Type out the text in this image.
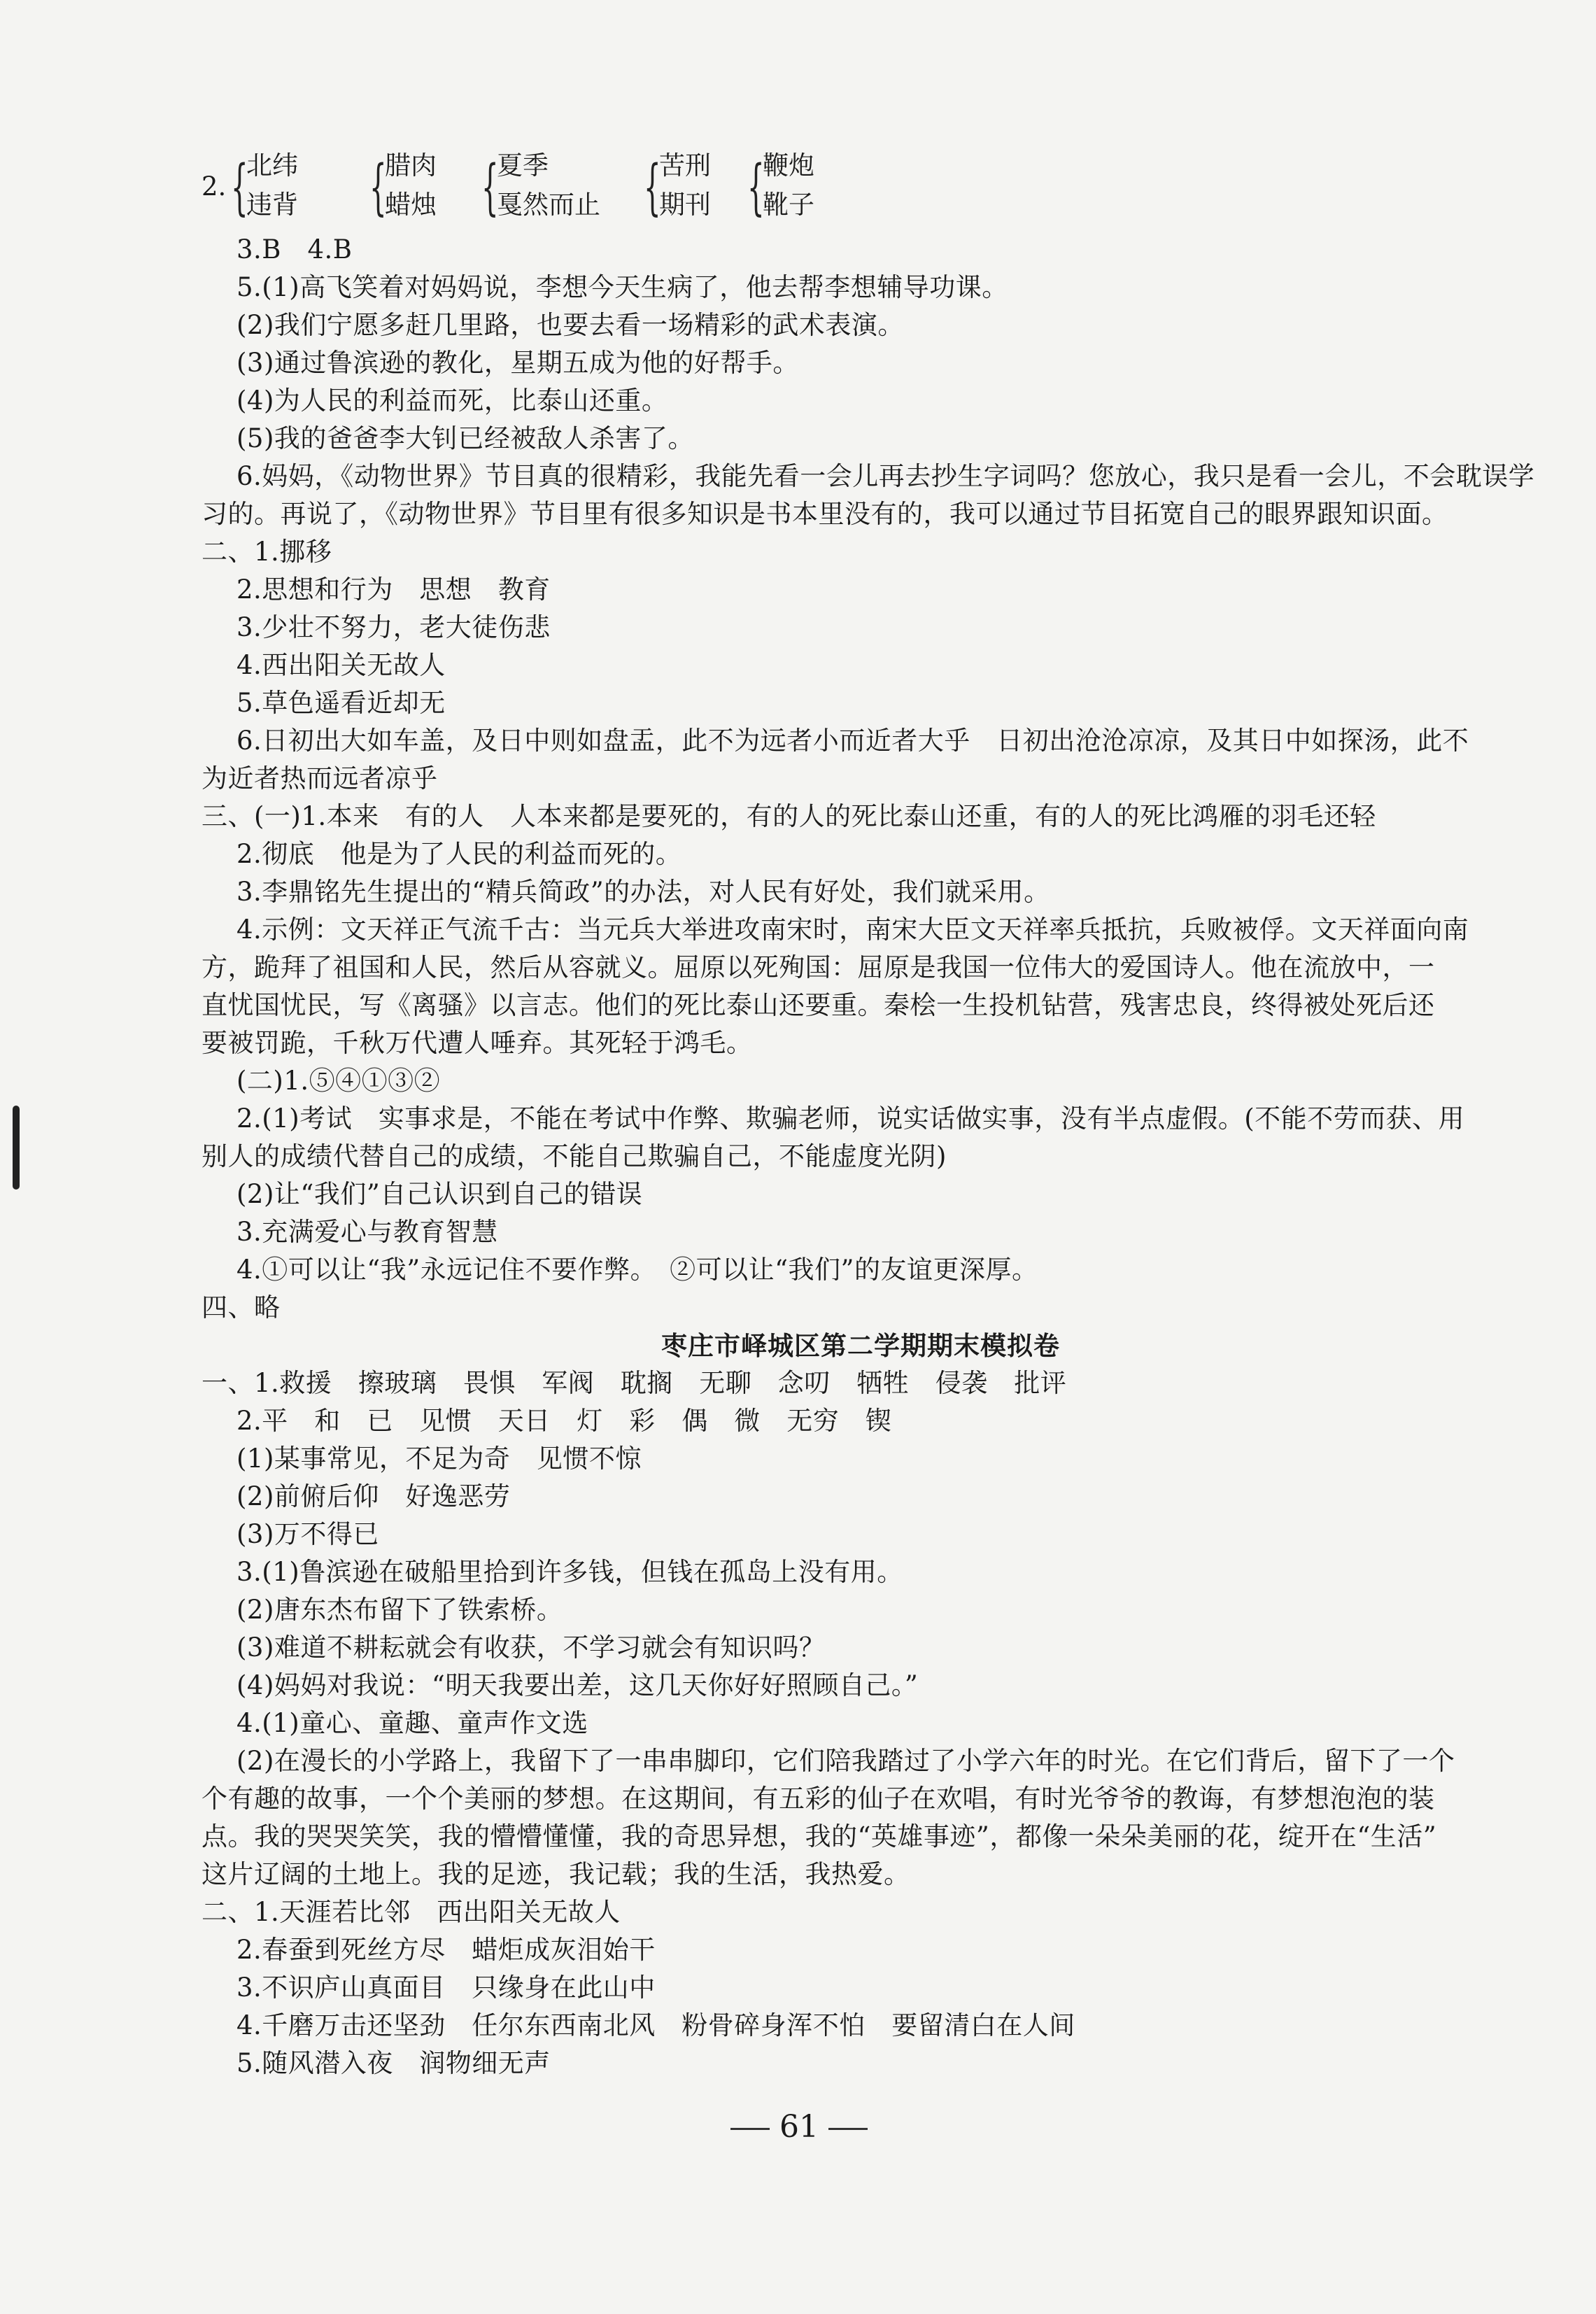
2. {
北纬
违背 {
腊肉
蜡烛 {
夏季
戛然而止 {
苦刑
期刊 {
鞭炮
靴子
3.B　4.B
5.(1)高飞笑着对妈妈说，李想今天生病了，他去帮李想辅导功课。
(2)我们宁愿多赶几里路，也要去看一场精彩的武术表演。
(3)通过鲁滨逊的教化，星期五成为他的好帮手。
(4)为人民的利益而死，比泰山还重。
(5)我的爸爸李大钊已经被敌人杀害了。
6.妈妈，《动物世界》节目真的很精彩，我能先看一会儿再去抄生字词吗？您放心，我只是看一会儿，不会耽误学
习的。再说了，《动物世界》节目里有很多知识是书本里没有的，我可以通过节目拓宽自己的眼界跟知识面。
二、1.挪移
2.思想和行为　思想　教育
3.少壮不努力，老大徒伤悲
4.西出阳关无故人
5.草色遥看近却无
6.日初出大如车盖，及日中则如盘盂，此不为远者小而近者大乎　日初出沧沧凉凉，及其日中如探汤，此不
为近者热而远者凉乎
三、(一)1.本来　有的人　人本来都是要死的，有的人的死比泰山还重，有的人的死比鸿雁的羽毛还轻
2.彻底　他是为了人民的利益而死的。
3.李鼎铭先生提出的“精兵简政”的办法，对人民有好处，我们就采用。
4.示例：文天祥正气流千古：当元兵大举进攻南宋时，南宋大臣文天祥率兵抵抗，兵败被俘。文天祥面向南
方，跪拜了祖国和人民，然后从容就义。屈原以死殉国：屈原是我国一位伟大的爱国诗人。他在流放中，一
直忧国忧民，写《离骚》以言志。他们的死比泰山还要重。秦桧一生投机钻营，残害忠良，终得被处死后还
要被罚跪，千秋万代遭人唾弃。其死轻于鸿毛。
(二)1.⑤④①③②
2.(1)考试　实事求是，不能在考试中作弊、欺骗老师，说实话做实事，没有半点虚假。(不能不劳而获、用
别人的成绩代替自己的成绩，不能自己欺骗自己，不能虚度光阴)
(2)让“我们”自己认识到自己的错误
3.充满爱心与教育智慧
4.①可以让“我”永远记住不要作弊。　②可以让“我们”的友谊更深厚。
四、略
枣庄市峄城区第二学期期末模拟卷
一、1.救援　擦玻璃　畏惧　军阀　耽搁　无聊　念叨　牺牲　侵袭　批评
2.平　和　已　见惯　天日　灯　彩　偶　微　无穷　锲
(1)某事常见，不足为奇　见惯不惊
(2)前俯后仰　好逸恶劳
(3)万不得已
3.(1)鲁滨逊在破船里拾到许多钱，但钱在孤岛上没有用。
(2)唐东杰布留下了铁索桥。
(3)难道不耕耘就会有收获，不学习就会有知识吗？
(4)妈妈对我说：“明天我要出差，这几天你好好照顾自己。”
4.(1)童心、童趣、童声作文选
(2)在漫长的小学路上，我留下了一串串脚印，它们陪我踏过了小学六年的时光。在它们背后，留下了一个
个有趣的故事，一个个美丽的梦想。在这期间，有五彩的仙子在欢唱，有时光爷爷的教诲，有梦想泡泡的装
点。我的哭哭笑笑，我的懵懵懂懂，我的奇思异想，我的“英雄事迹”，都像一朵朵美丽的花，绽开在“生活”
这片辽阔的土地上。我的足迹，我记载；我的生活，我热爱。
二、1.天涯若比邻　西出阳关无故人
2.春蚕到死丝方尽　蜡炬成灰泪始干
3.不识庐山真面目　只缘身在此山中
4.千磨万击还坚劲　任尔东西南北风　粉骨碎身浑不怕　要留清白在人间
5.随风潜入夜　润物细无声
61
